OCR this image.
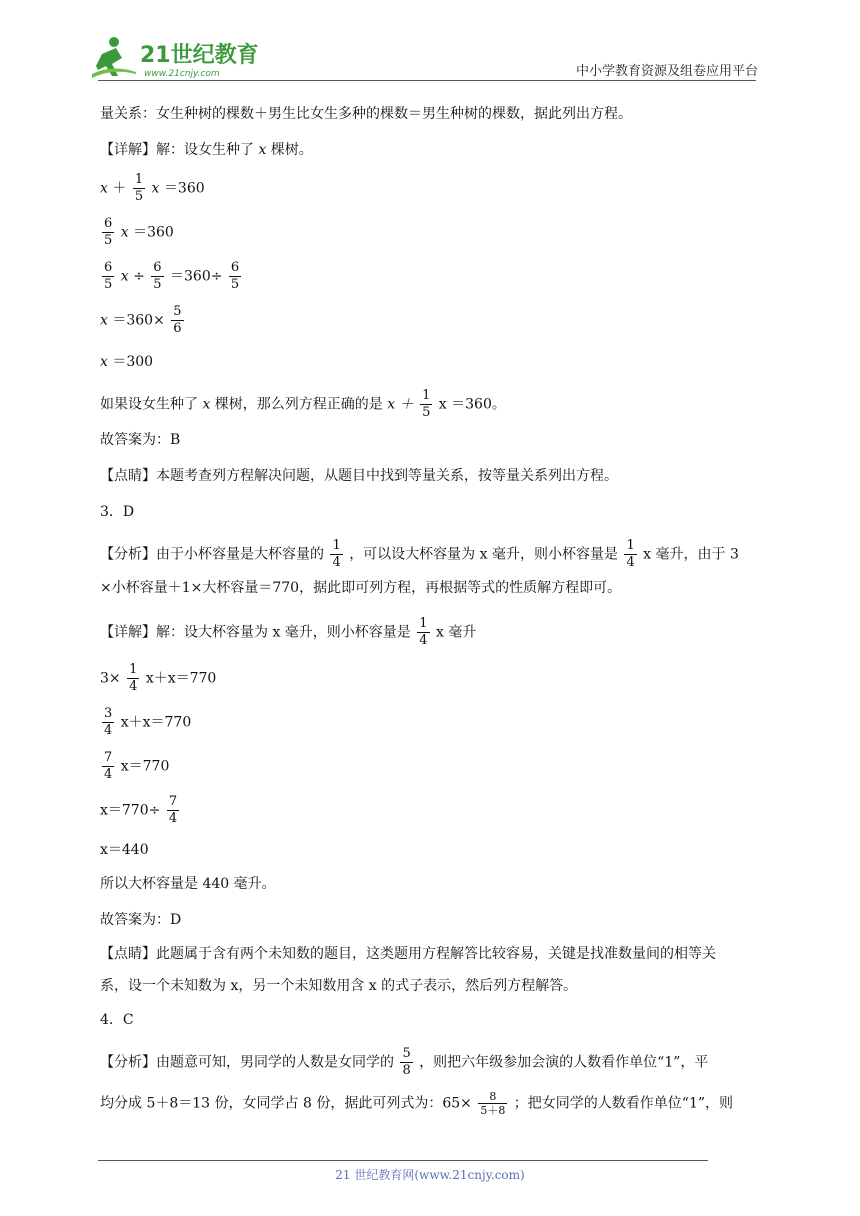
21世纪教育
www.21cnjy.com	中小学教育资源及组卷应用平台
量关系：女生种树的棵数＋男生比女生多种的棵数＝男生种树的棵数，据此列出方程。
【详解】解：设女生种了 x 棵树。
$x + \frac{1}{5}$ x ＝360
$\frac{6}{5}$ x ＝360
$\frac{6}{5}$ $x \div \frac{6}{5} =360\div \frac{6}{5}$
$x =360\times \frac{5}{6}$
x ＝300
如果设女生种了 x 棵树，那么列方程正确的是 $x + \frac{1}{5}$ x ＝360。
故答案为：B
【点睛】本题考查列方程解决问题，从题目中找到等量关系，按等量关系列出方程。
3．D
【分析】由于小杯容量是大杯容量的 $\frac{1}{4}$ ，可以设大杯容量为 x 毫升，则小杯容量是 $\frac{1}{4}$ x 毫升，由于 3
×小杯容量＋1×大杯容量＝770，据此即可列方程，再根据等式的性质解方程即可。
【详解】解：设大杯容量为 x 毫升，则小杯容量是 $\frac{1}{4}$ x 毫升
$3\times \frac{1}{4} x+x=770$
$\frac{3}{4} x+x=770$
$\frac{7}{4} x=770$
$x=770\div \frac{7}{4}$
x＝440
所以大杯容量是 440 毫升。
故答案为：D
【点睛】此题属于含有两个未知数的题目，这类题用方程解答比较容易，关键是找准数量间的相等关
系，设一个未知数为 x，另一个未知数用含 x 的式子表示，然后列方程解答。
4．C
【分析】由题意可知，男同学的人数是女同学的 $\frac{5}{8}$ ，则把六年级参加会演的人数看作单位“1”，平
均分成 5＋8＝13 份，女同学占 8 份，据此可列式为：$65\times \frac{8}{5+8}$ ；把女同学的人数看作单位“1”，则
21 世纪教育网(www.21cnjy.com)
